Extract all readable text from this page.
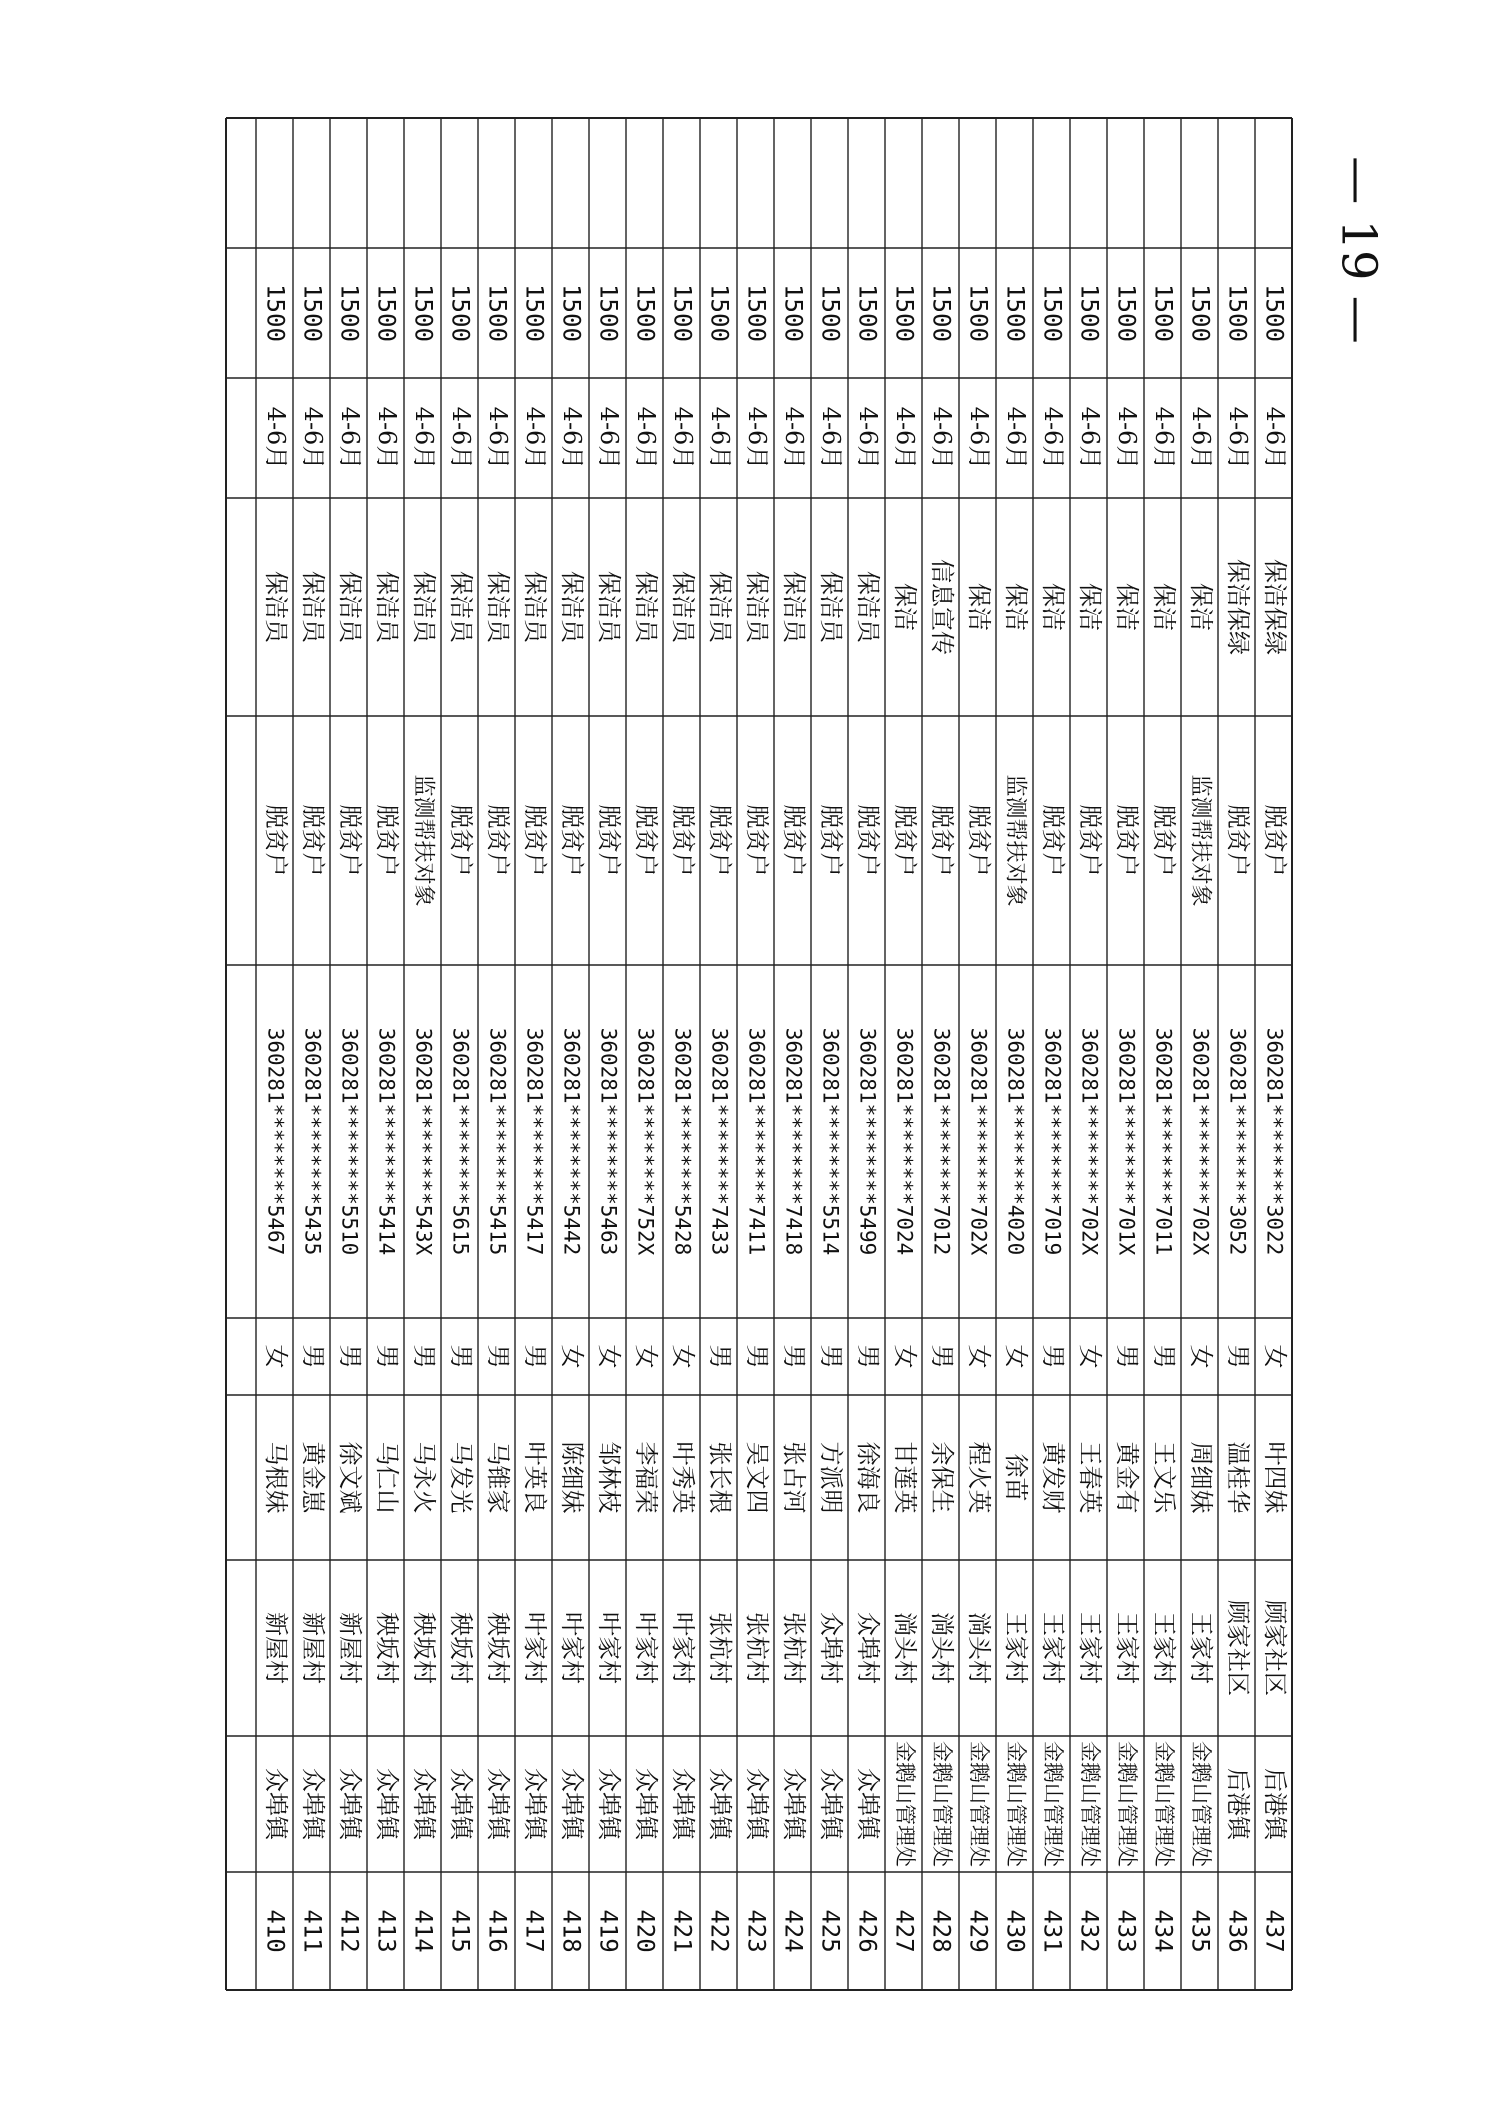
1500
4-6月
保洁员
脱贫户
360281********5467
女
马根妹
新屋村
众埠镇
410
1500
4-6月
保洁员
脱贫户
360281********5435
男
黄金崽
新屋村
众埠镇
411
1500
4-6月
保洁员
脱贫户
360281********5510
男
徐文斌
新屋村
众埠镇
412
1500
4-6月
保洁员
脱贫户
360281********5414
男
马仁山
秧坂村
众埠镇
413
1500
4-6月
保洁员
监测帮扶对象
360281********543X
男
马永火
秧坂村
众埠镇
414
1500
4-6月
保洁员
脱贫户
360281********5615
男
马发光
秧坂村
众埠镇
415
1500
4-6月
保洁员
脱贫户
360281********5415
男
马锥家
秧坂村
众埠镇
416
1500
4-6月
保洁员
脱贫户
360281********5417
男
叶英良
叶家村
众埠镇
417
1500
4-6月
保洁员
脱贫户
360281********5442
女
陈细妹
叶家村
众埠镇
418
1500
4-6月
保洁员
脱贫户
360281********5463
女
邹林枝
叶家村
众埠镇
419
1500
4-6月
保洁员
脱贫户
360281********752X
女
李福荣
叶家村
众埠镇
420
1500
4-6月
保洁员
脱贫户
360281********5428
女
叶秀英
叶家村
众埠镇
421
1500
4-6月
保洁员
脱贫户
360281********7433
男
张长根
张杭村
众埠镇
422
1500
4-6月
保洁员
脱贫户
360281********7411
男
吴文四
张杭村
众埠镇
423
1500
4-6月
保洁员
脱贫户
360281********7418
男
张占河
张杭村
众埠镇
424
1500
4-6月
保洁员
脱贫户
360281********5514
男
方派明
众埠村
众埠镇
425
1500
4-6月
保洁员
脱贫户
360281********5499
男
徐海良
众埠村
众埠镇
426
1500
4-6月
保洁
脱贫户
360281********7024
女
甘莲英
淌头村
金鹅山管理处
427
1500
4-6月
信息宣传
脱贫户
360281********7012
男
余保生
淌头村
金鹅山管理处
428
1500
4-6月
保洁
脱贫户
360281********702X
女
程火英
淌头村
金鹅山管理处
429
1500
4-6月
保洁
监测帮扶对象
360281********4020
女
徐苗
王家村
金鹅山管理处
430
1500
4-6月
保洁
脱贫户
360281********7019
男
黄发财
王家村
金鹅山管理处
431
1500
4-6月
保洁
脱贫户
360281********702X
女
王春英
王家村
金鹅山管理处
432
1500
4-6月
保洁
脱贫户
360281********701X
男
黄金有
王家村
金鹅山管理处
433
1500
4-6月
保洁
脱贫户
360281********7011
男
王文乐
王家村
金鹅山管理处
434
1500
4-6月
保洁
监测帮扶对象
360281********702X
女
周细妹
王家村
金鹅山管理处
435
1500
4-6月
保洁保绿
脱贫户
360281********3052
男
温桂华
顾家社区
后港镇
436
1500
4-6月
保洁保绿
脱贫户
360281********3022
女
叶四妹
顾家社区
后港镇
437
— 19 —
